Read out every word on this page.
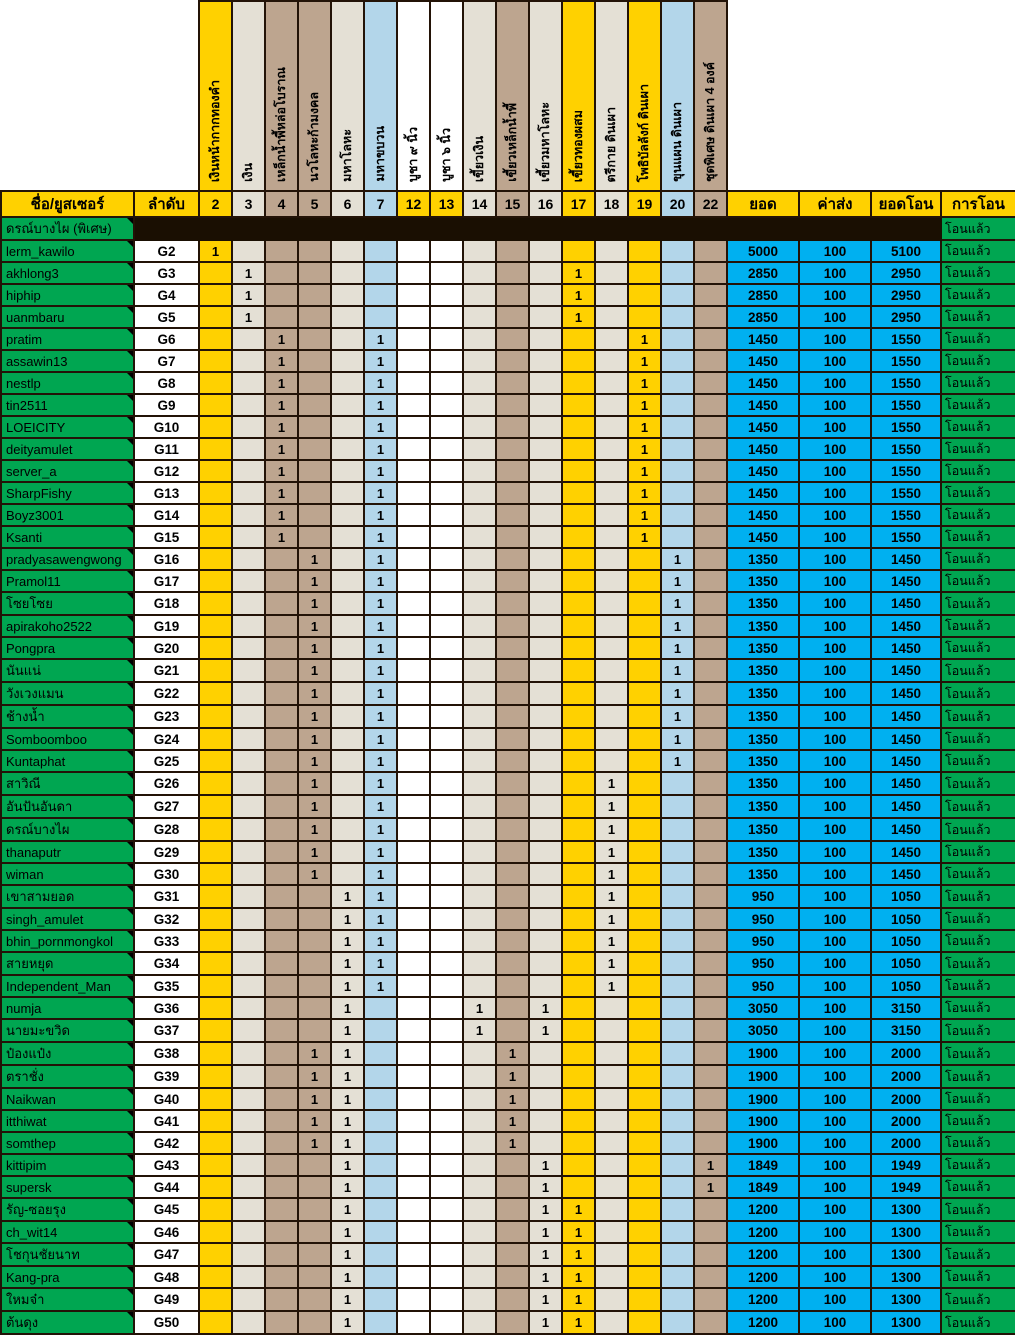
		เงินหน้ากากทองคำ	เงิน	เหล็กน้ำพี้หล่อโบราณ	นวโลหะก้ามงคล	มหาโลหะ	มหาขบวน	บูชา ๙ นิ้ว	บูชา ๖ นิ้ว	เขี้ยวเงิน	เขี้ยวเหล็กน้ำพี้	เขี้ยวมหาโลหะ	เขี้ยวทองผสม	ตรีกาย ดินเผา	โพธิบัลลังก์ ดินเผา	ขุนแผน ดินเผา	ชุดพิเศษ ดินเผา 4 องค์				
ชื่อ/ยูสเซอร์	ลำดับ	2	3	4	5	6	7	12	13	14	15	16	17	18	19	20	22	ยอด	ค่าส่ง	ยอดโอน	การโอน
ดรณ์บางไผ (พิเศษ)																					โอนแล้ว
lerm_kawilo	G2	1																5000	100	5100	โอนแล้ว
akhlong3	G3		1										1					2850	100	2950	โอนแล้ว
hiphip	G4		1										1					2850	100	2950	โอนแล้ว
uanmbaru	G5		1										1					2850	100	2950	โอนแล้ว
pratim	G6			1			1								1			1450	100	1550	โอนแล้ว
assawin13	G7			1			1								1			1450	100	1550	โอนแล้ว
nestlp	G8			1			1								1			1450	100	1550	โอนแล้ว
tin2511	G9			1			1								1			1450	100	1550	โอนแล้ว
LOEICITY	G10			1			1								1			1450	100	1550	โอนแล้ว
deityamulet	G11			1			1								1			1450	100	1550	โอนแล้ว
server_a	G12			1			1								1			1450	100	1550	โอนแล้ว
SharpFishy	G13			1			1								1			1450	100	1550	โอนแล้ว
Boyz3001	G14			1			1								1			1450	100	1550	โอนแล้ว
Ksanti	G15			1			1								1			1450	100	1550	โอนแล้ว
pradyasawengwong	G16				1		1									1		1350	100	1450	โอนแล้ว
Pramol11	G17				1		1									1		1350	100	1450	โอนแล้ว
โซยโซย	G18				1		1									1		1350	100	1450	โอนแล้ว
apirakoho2522	G19				1		1									1		1350	100	1450	โอนแล้ว
Pongpra	G20				1		1									1		1350	100	1450	โอนแล้ว
นันแน่	G21				1		1									1		1350	100	1450	โอนแล้ว
วังเวงแมน	G22				1		1									1		1350	100	1450	โอนแล้ว
ช้างน้ำ	G23				1		1									1		1350	100	1450	โอนแล้ว
Somboomboo	G24				1		1									1		1350	100	1450	โอนแล้ว
Kuntaphat	G25				1		1									1		1350	100	1450	โอนแล้ว
สาวิณี	G26				1		1							1				1350	100	1450	โอนแล้ว
อันปันอันดา	G27				1		1							1				1350	100	1450	โอนแล้ว
ดรณ์บางไผ	G28				1		1							1				1350	100	1450	โอนแล้ว
thanaputr	G29				1		1							1				1350	100	1450	โอนแล้ว
wiman	G30				1		1							1				1350	100	1450	โอนแล้ว
เขาสามยอด	G31					1	1							1				950	100	1050	โอนแล้ว
singh_amulet	G32					1	1							1				950	100	1050	โอนแล้ว
bhin_pornmongkol	G33					1	1							1				950	100	1050	โอนแล้ว
สายหยุด	G34					1	1							1				950	100	1050	โอนแล้ว
Independent_Man	G35					1	1							1				950	100	1050	โอนแล้ว
numja	G36					1				1		1						3050	100	3150	โอนแล้ว
นายมะขวิด	G37					1				1		1						3050	100	3150	โอนแล้ว
ป๋องแป๋ง	G38				1	1					1							1900	100	2000	โอนแล้ว
ตราชั่ง	G39				1	1					1							1900	100	2000	โอนแล้ว
Naikwan	G40				1	1					1							1900	100	2000	โอนแล้ว
itthiwat	G41				1	1					1							1900	100	2000	โอนแล้ว
somthep	G42				1	1					1							1900	100	2000	โอนแล้ว
kittipim	G43					1						1					1	1849	100	1949	โอนแล้ว
supersk	G44					1						1					1	1849	100	1949	โอนแล้ว
รัญ-ซอยรุง	G45					1						1	1					1200	100	1300	โอนแล้ว
ch_wit14	G46					1						1	1					1200	100	1300	โอนแล้ว
โชกุนชัยนาท	G47					1						1	1					1200	100	1300	โอนแล้ว
Kang-pra	G48					1						1	1					1200	100	1300	โอนแล้ว
ใหมจ๋า	G49					1						1	1					1200	100	1300	โอนแล้ว
ต้นดุง	G50					1						1	1					1200	100	1300	โอนแล้ว
